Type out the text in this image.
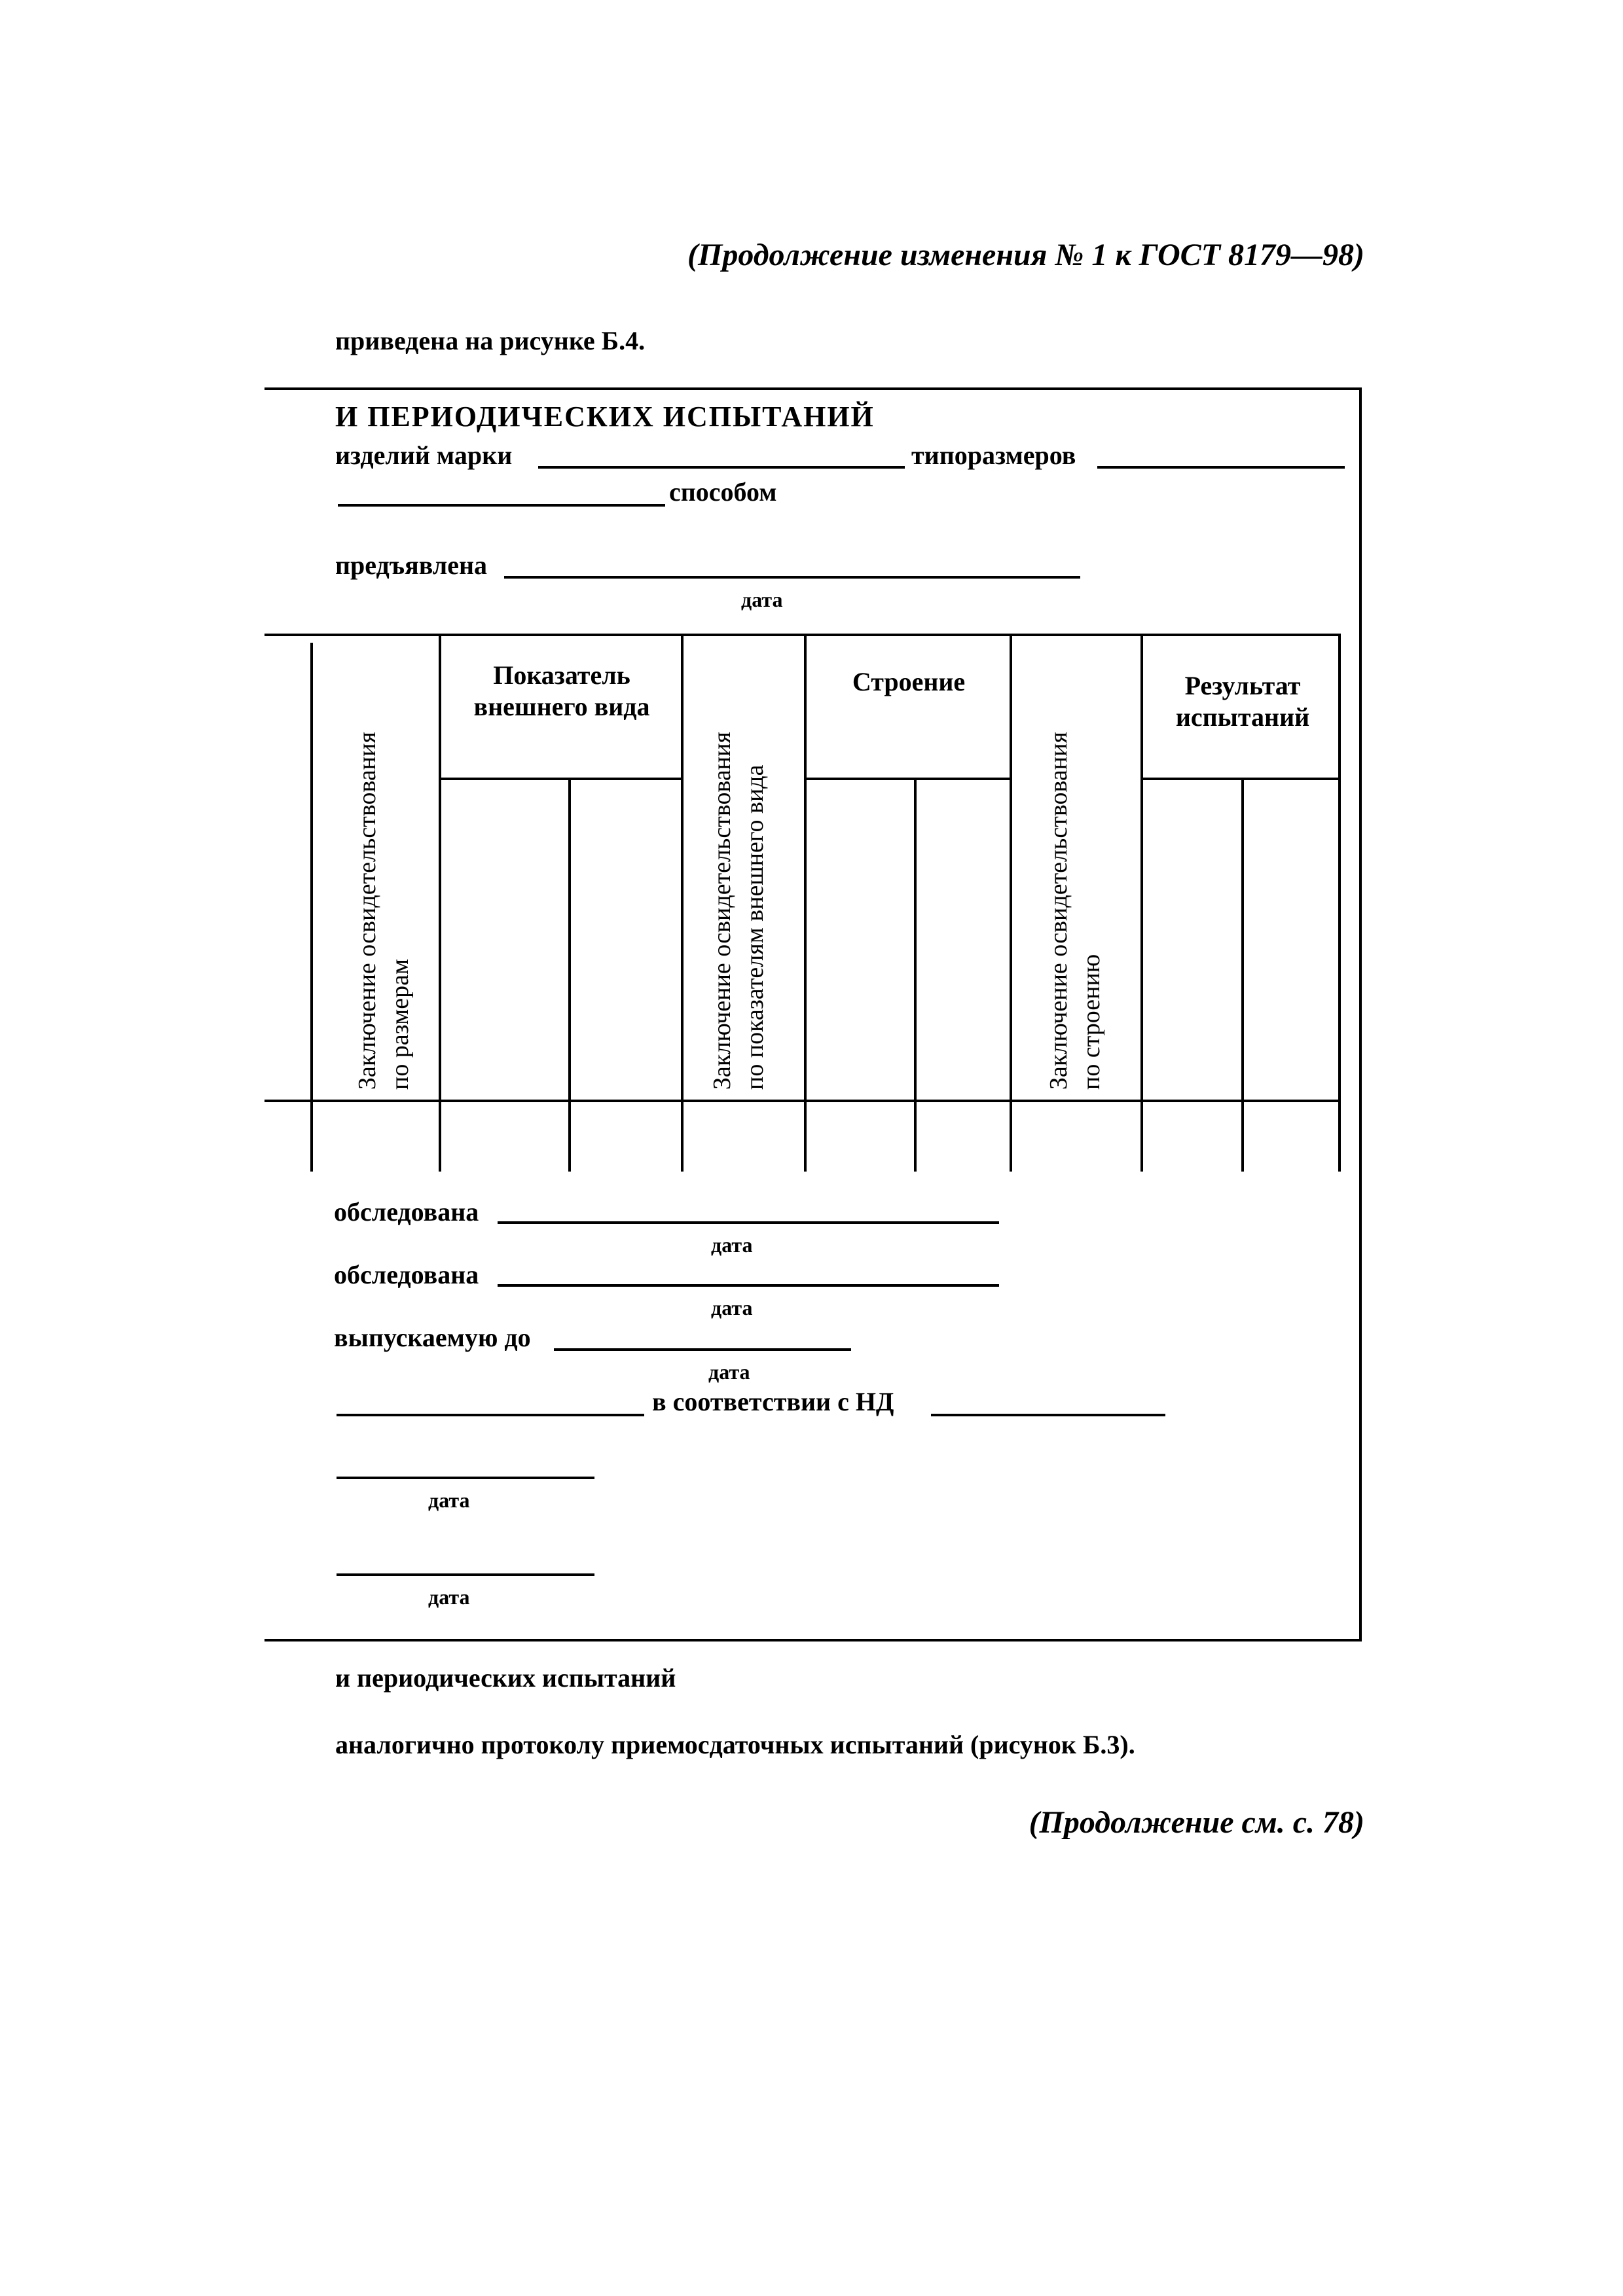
(Продолжение изменения № 1 к ГОСТ 8179—98)
приведена на рисунке Б.4.
И ПЕРИОДИЧЕСКИХ ИСПЫТАНИЙ
изделий марки	типоразмеров
способом
предъявлена
дата
Заключение освидетельствования по размерам
Показатель внешнего вида
Заключение освидетельствования по показателям внешнего вида
Строение
Заключение освидетельствования по строению
Результат испытаний
обследована
дата
обследована
дата
выпускаемую до
дата
в соответствии с НД
дата
дата
и периодических испытаний
аналогично протоколу приемосдаточных испытаний (рисунок Б.3).
(Продолжение см. с. 78)
